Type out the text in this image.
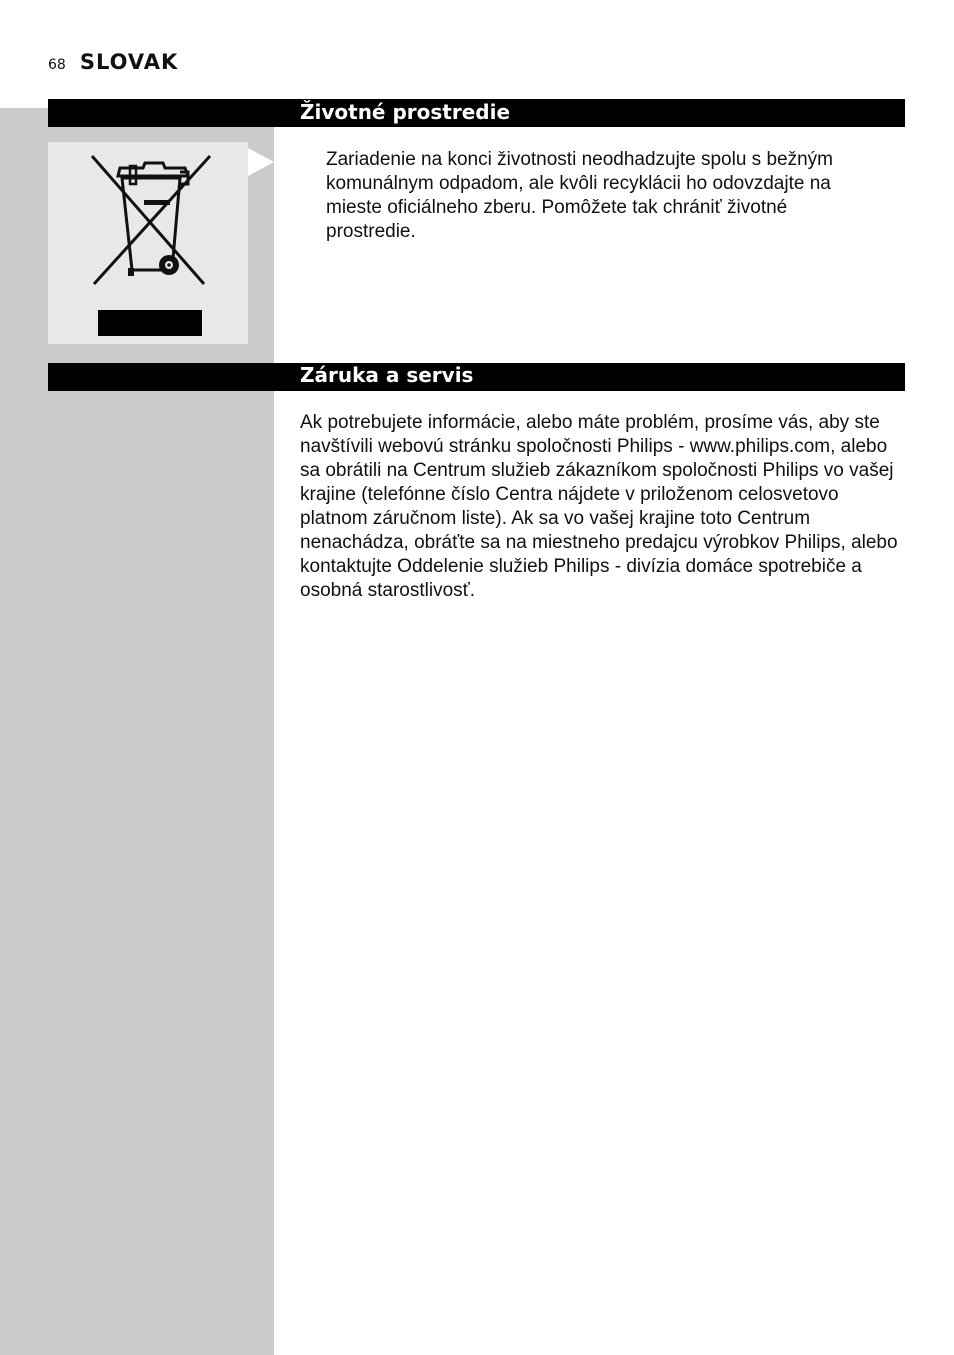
68 SLOVAK
Životné prostredie
Zariadenie na konci životnosti neodhadzujte spolu s bežným komunálnym odpadom, ale kvôli recyklácii ho odovzdajte na mieste oficiálneho zberu. Pomôžete tak chrániť životné prostredie.
Záruka a servis
Ak potrebujete informácie, alebo máte problém, prosíme vás, aby ste navštívili webovú stránku spoločnosti Philips - www.philips.com, alebo sa obrátili na Centrum služieb zákazníkom spoločnosti Philips vo vašej krajine (telefónne číslo Centra nájdete v priloženom celosvetovo platnom záručnom liste). Ak sa vo vašej krajine toto Centrum nenachádza, obráťte sa na miestneho predajcu výrobkov Philips, alebo kontaktujte Oddelenie služieb Philips - divízia domáce spotrebiče a osobná starostlivosť.
